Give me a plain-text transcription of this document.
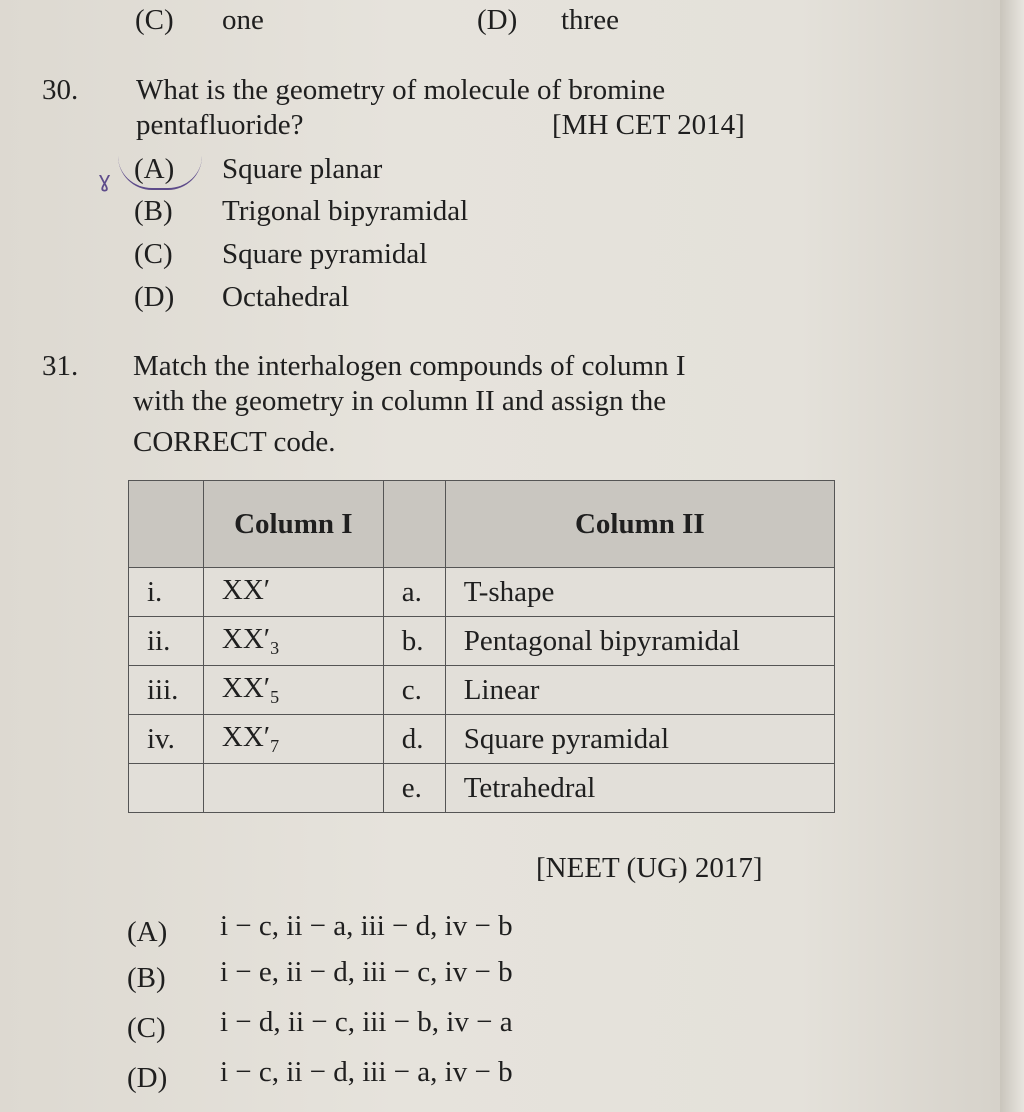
(C) one	(D) three
30. What is the geometry of molecule of bromine
pentafluoride?	[MH CET 2014]
ɣ (A) Square planar
(B) Trigonal bipyramidal
(C) Square pyramidal
(D) Octahedral
31. Match the interhalogen compounds of column I
with the geometry in column II and assign the
CORRECT code.
	Column I		Column II
i.	XX′	a.	T-shape
ii.	$XX'_3$	b.	Pentagonal bipyramidal
iii.	$XX'_5$	c.	Linear
iv.	$XX'_7$	d.	Square pyramidal
		e.	Tetrahedral
[NEET (UG) 2017]
(A) i − c, ii − a, iii − d, iv − b
(B) i − e, ii − d, iii − c, iv − b
(C) i − d, ii − c, iii − b, iv − a
(D) i − c, ii − d, iii − a, iv − b
